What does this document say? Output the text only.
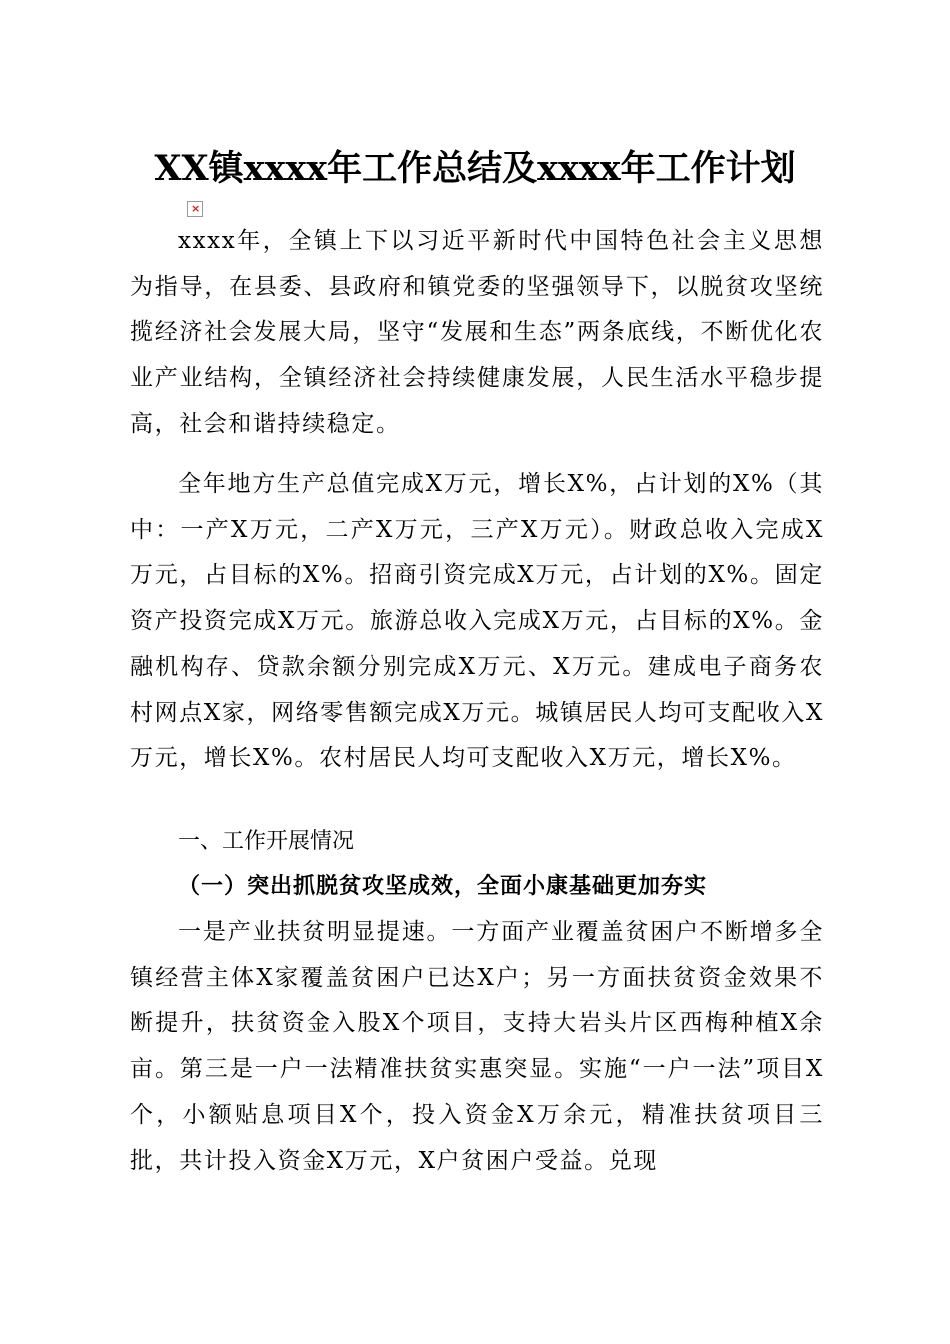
XX镇xxxx年工作总结及xxxx年工作计划
×

xxxx年，全镇上下以习近平新时代中国特色社会主义思想为指导，在县委、县政府和镇党委的坚强领导下，以脱贫攻坚统揽经济社会发展大局，坚守“发展和生态”两条底线，不断优化农业产业结构，全镇经济社会持续健康发展，人民生活水平稳步提高，社会和谐持续稳定。

全年地方生产总值完成X万元，增长X%，占计划的X%（其中：一产X万元，二产X万元，三产X万元）。财政总收入完成X万元，占目标的X%。招商引资完成X万元，占计划的X%。固定资产投资完成X万元。旅游总收入完成X万元，占目标的X%。金融机构存、贷款余额分别完成X万元、X万元。建成电子商务农村网点X家，网络零售额完成X万元。城镇居民人均可支配收入X万元，增长X%。农村居民人均可支配收入X万元，增长X%。

一、工作开展情况
（一）突出抓脱贫攻坚成效，全面小康基础更加夯实

一是产业扶贫明显提速。一方面产业覆盖贫困户不断增多全镇经营主体X家覆盖贫困户已达X户；另一方面扶贫资金效果不断提升，扶贫资金入股X个项目，支持大岩头片区西梅种植X余亩。第三是一户一法精准扶贫实惠突显。实施“一户一法”项目X个，小额贴息项目X个，投入资金X万余元，精准扶贫项目三批，共计投入资金X万元，X户贫困户受益。兑现
